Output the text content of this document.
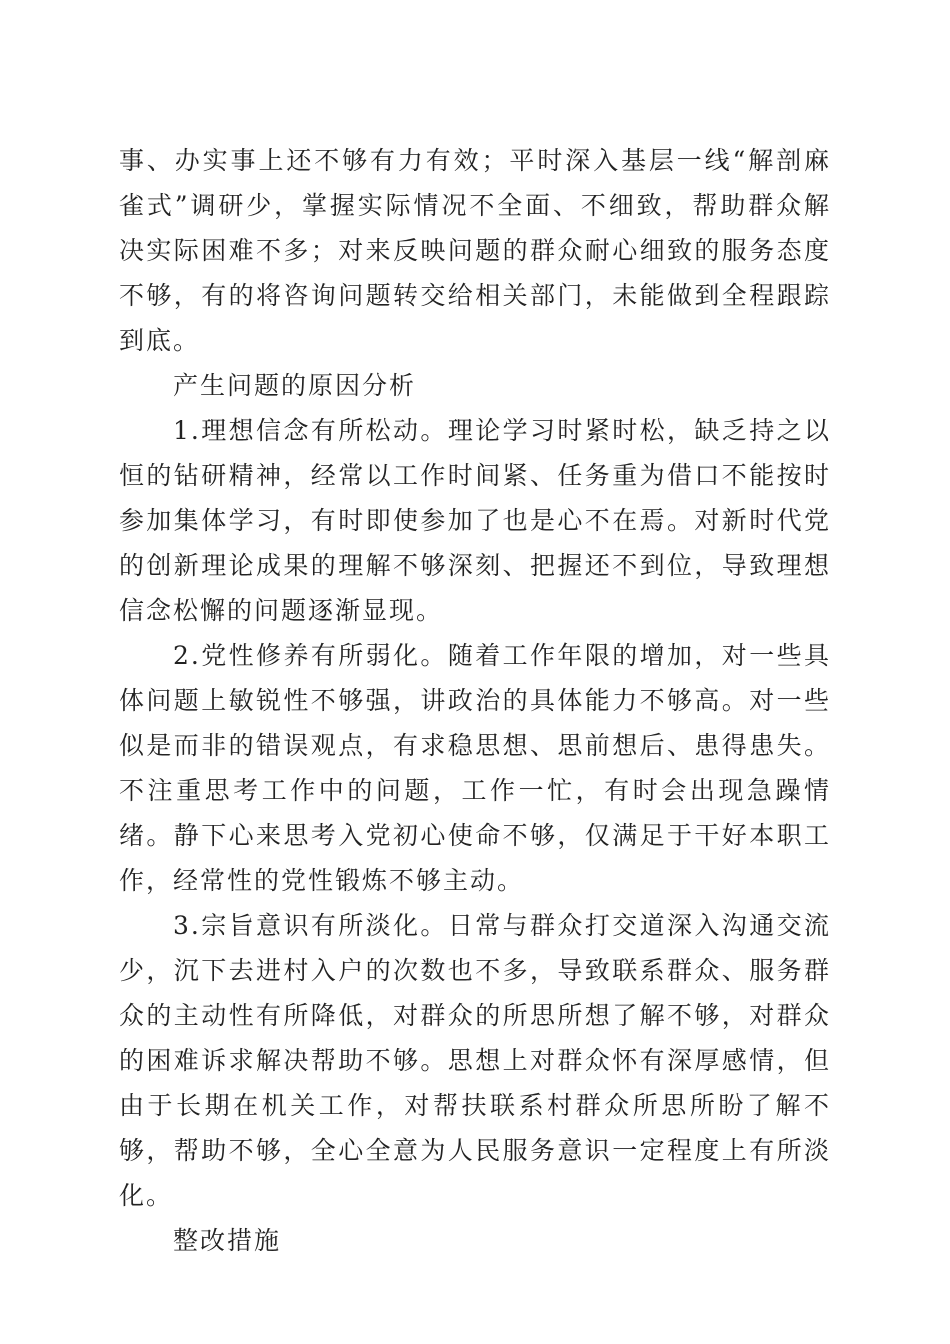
事、办实事上还不够有力有效；平时深入基层一线“解剖麻雀式”调研少，掌握实际情况不全面、不细致，帮助群众解决实际困难不多；对来反映问题的群众耐心细致的服务态度不够，有的将咨询问题转交给相关部门，未能做到全程跟踪到底。

产生问题的原因分析

1.理想信念有所松动。理论学习时紧时松，缺乏持之以恒的钻研精神，经常以工作时间紧、任务重为借口不能按时参加集体学习，有时即使参加了也是心不在焉。对新时代党的创新理论成果的理解不够深刻、把握还不到位，导致理想信念松懈的问题逐渐显现。

2.党性修养有所弱化。随着工作年限的增加，对一些具体问题上敏锐性不够强，讲政治的具体能力不够高。对一些似是而非的错误观点，有求稳思想、思前想后、患得患失。不注重思考工作中的问题，工作一忙，有时会出现急躁情绪。静下心来思考入党初心使命不够，仅满足于干好本职工作，经常性的党性锻炼不够主动。

3.宗旨意识有所淡化。日常与群众打交道深入沟通交流少，沉下去进村入户的次数也不多，导致联系群众、服务群众的主动性有所降低，对群众的所思所想了解不够，对群众的困难诉求解决帮助不够。思想上对群众怀有深厚感情，但由于长期在机关工作，对帮扶联系村群众所思所盼了解不够，帮助不够，全心全意为人民服务意识一定程度上有所淡化。

整改措施
